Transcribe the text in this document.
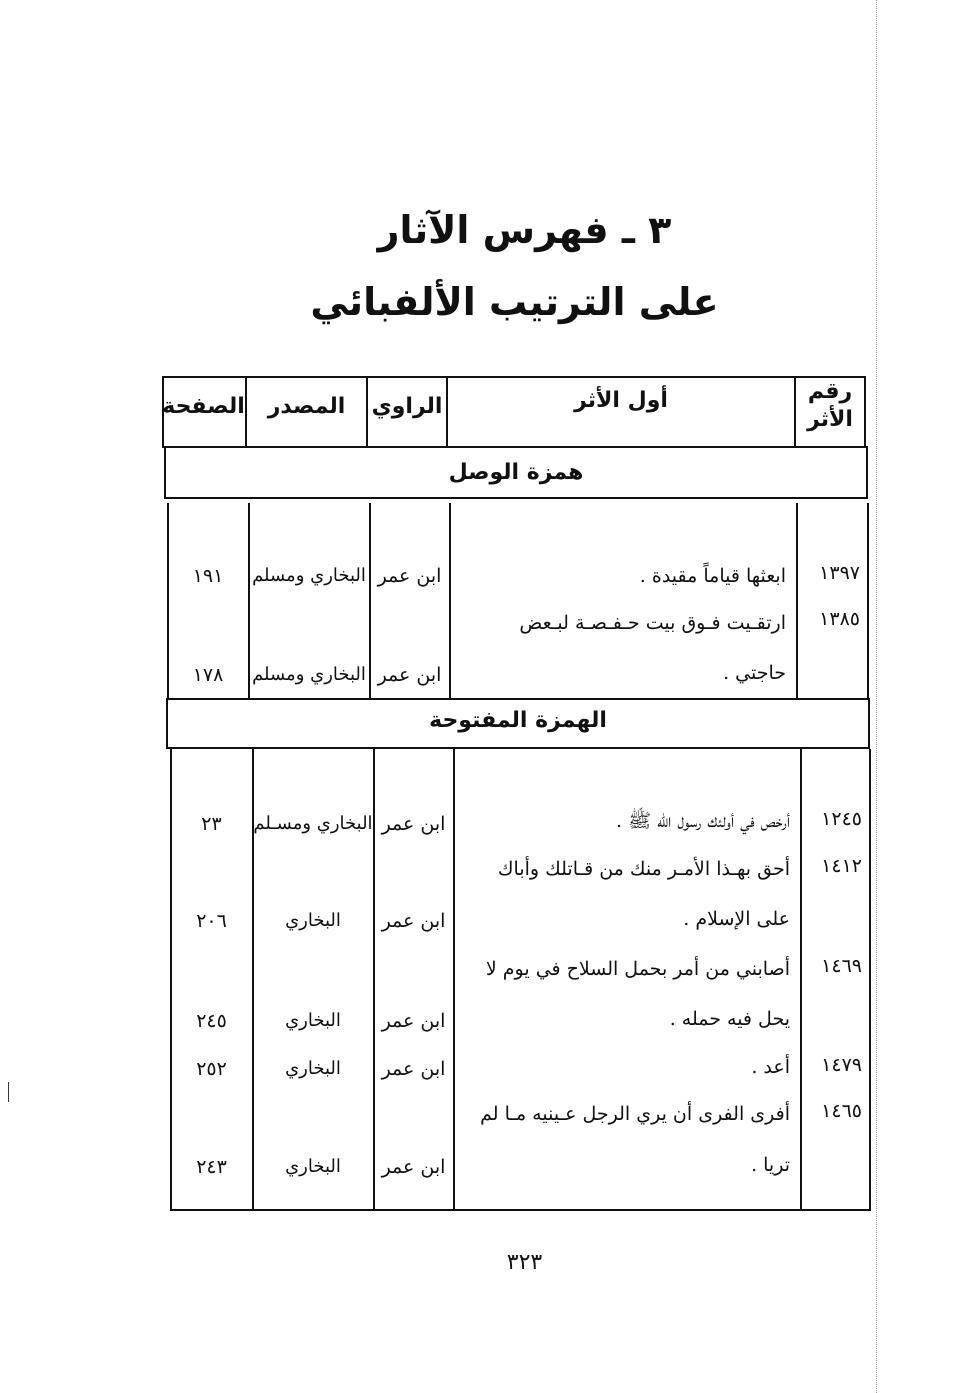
٣ ـ فهرس الآثار
على الترتيب الألفبائي
رقم
الأثر
أول الأثر
الراوي
المصدر
الصفحة
همزة الوصل
١٣٩٧
ابعثها قياماً مقيدة .
ابن عمر
البخاري ومسلم
١٩١
١٣٨٥
ارتقـيت فـوق بيت حـفـصـة لبـعض
حاجتي .
ابن عمر
البخاري ومسلم
١٧٨
الهمزة المفتوحة
١٢٤٥
أرخص في أولئك رسول الله ﷺ .
ابن عمر
البخاري ومسـلم
٢٣
١٤١٢
أحق بهـذا الأمـر منك من قـاتلك وأباك
على الإسلام .
ابن عمر
البخاري
٢٠٦
١٤٦٩
أصابني من أمر بحمل السلاح في يوم لا
يحل فيه حمله .
ابن عمر
البخاري
٢٤٥
١٤٧٩
أعد .
ابن عمر
البخاري
٢٥٢
١٤٦٥
أفرى الفرى أن يري الرجل عـينيه مـا لم
تريا .
ابن عمر
البخاري
٢٤٣
٣٢٣
